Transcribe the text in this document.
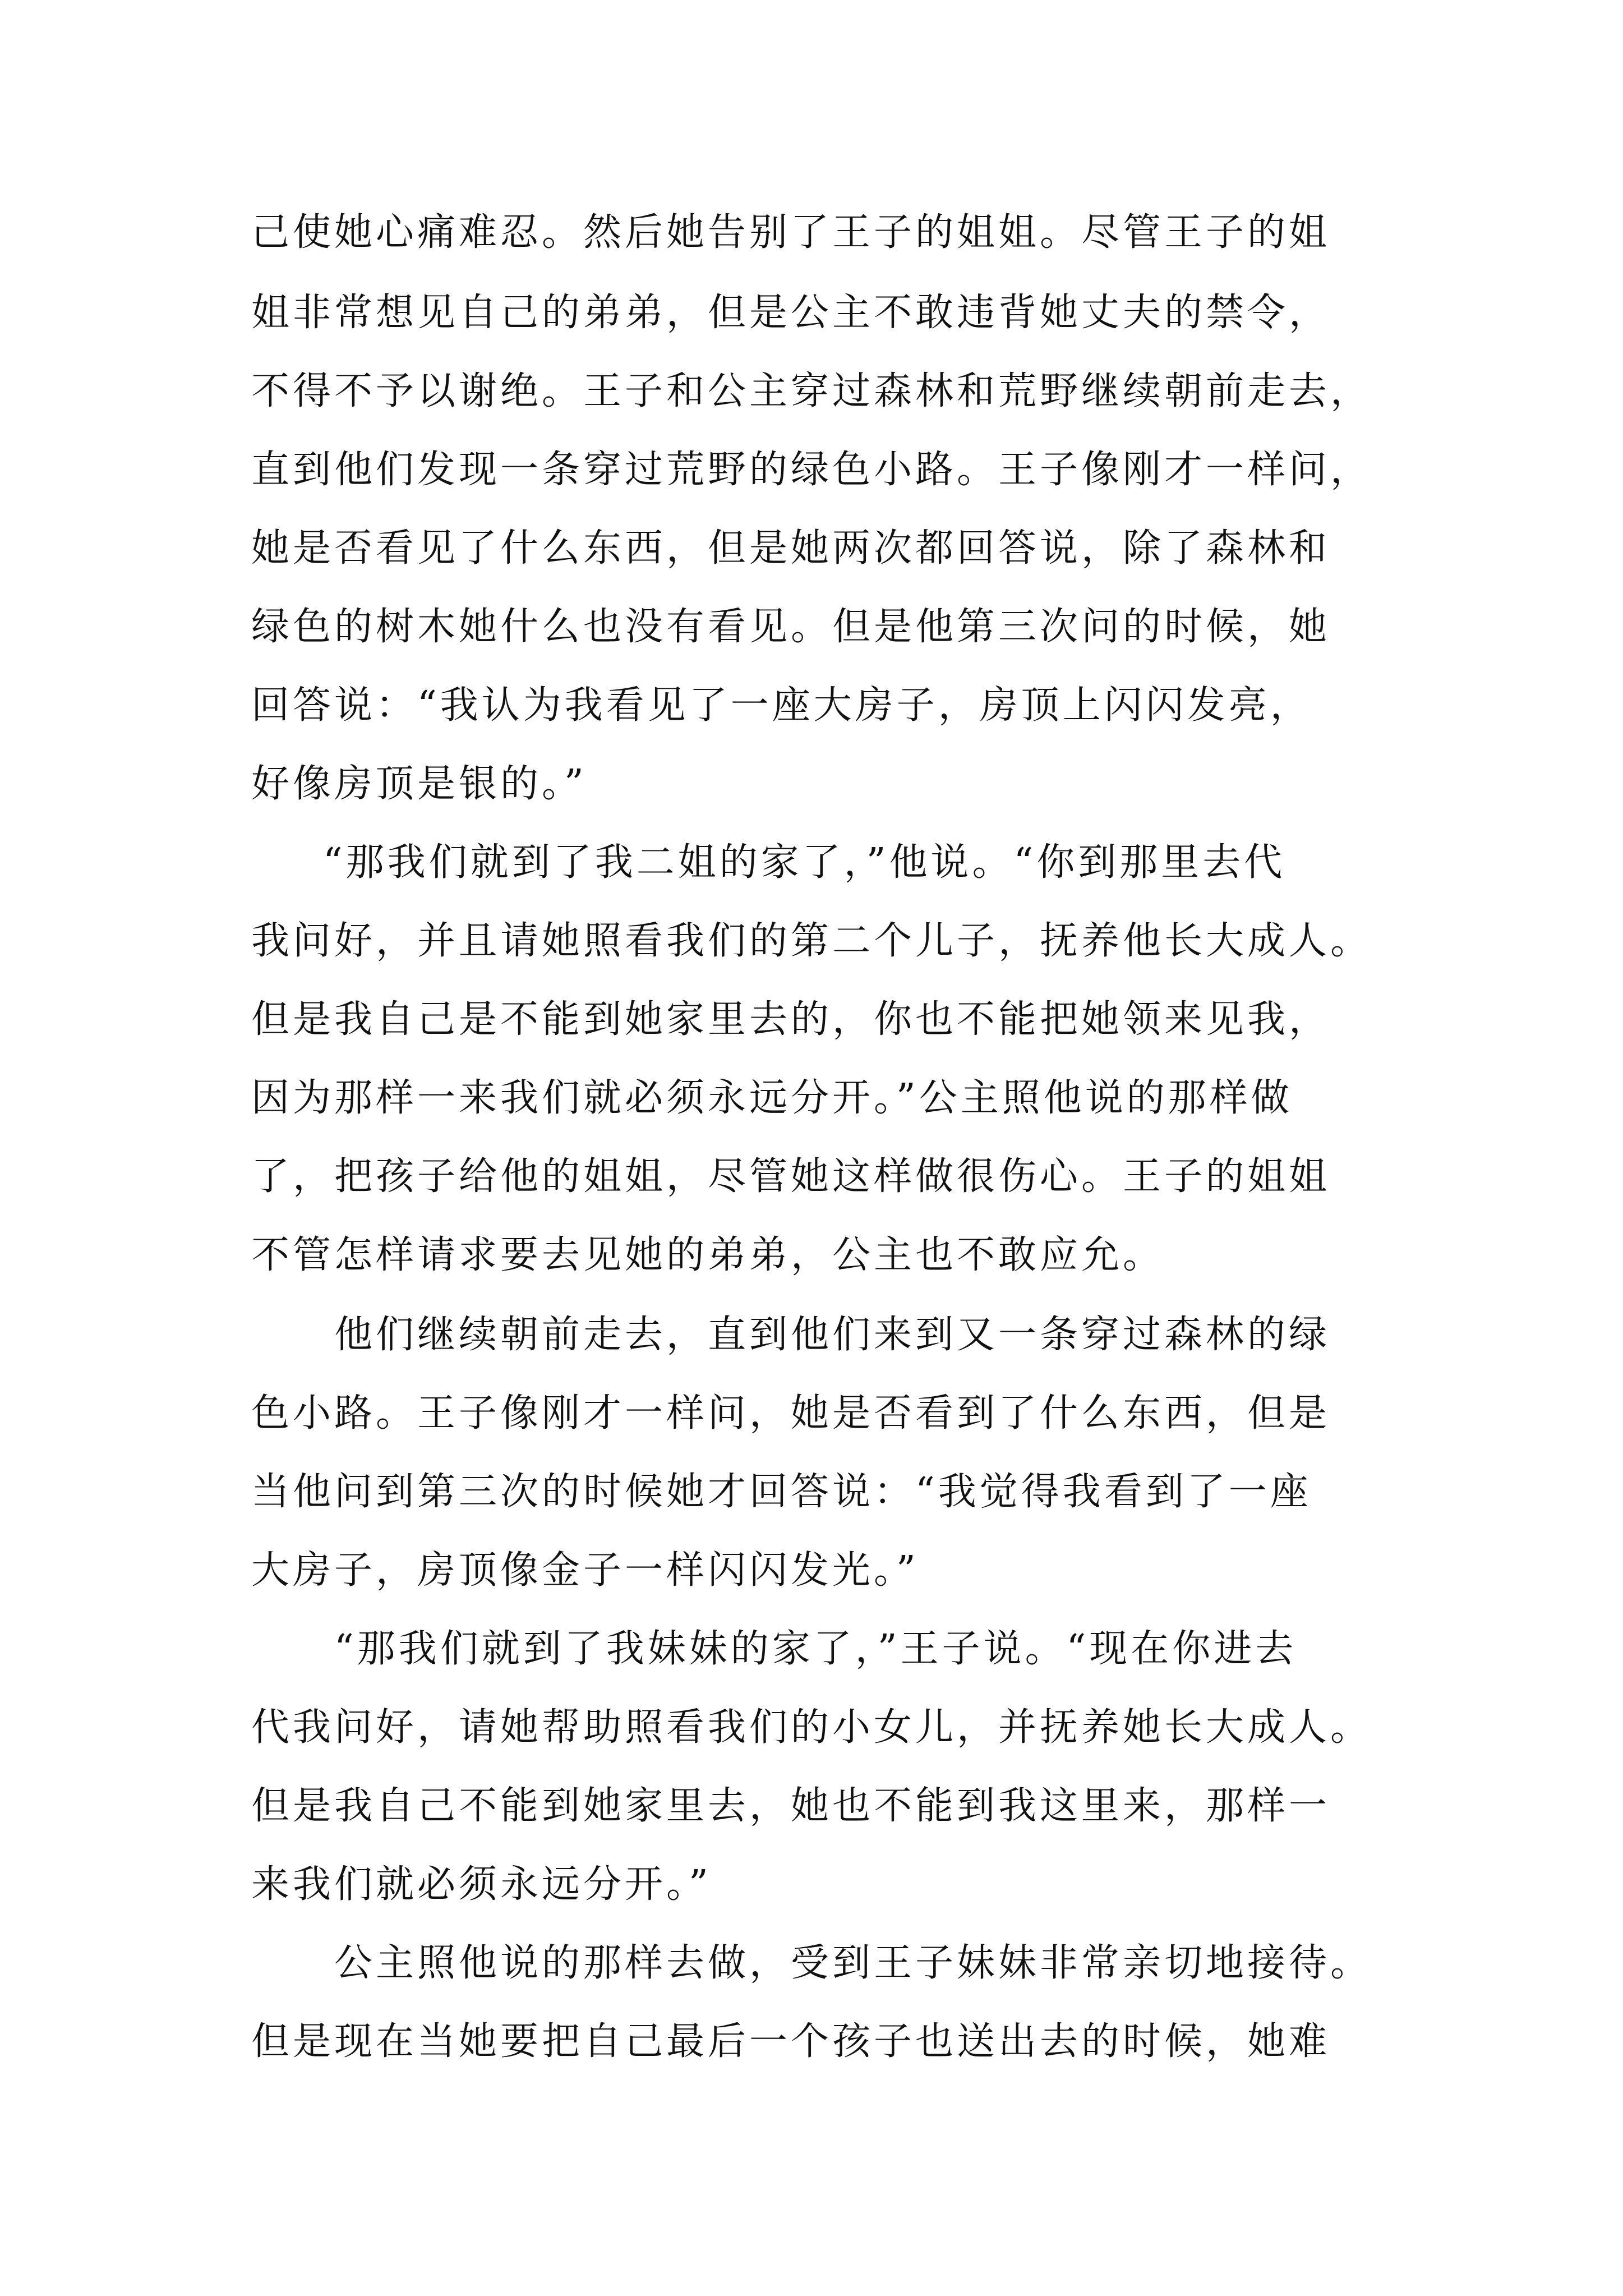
己使她心痛难忍。然后她告别了王子的姐姐。尽管王子的姐
姐非常想见自己的弟弟，但是公主不敢违背她丈夫的禁令，
不得不予以谢绝。王子和公主穿过森林和荒野继续朝前走去，
直到他们发现一条穿过荒野的绿色小路。王子像刚才一样问，
她是否看见了什么东西，但是她两次都回答说，除了森林和
绿色的树木她什么也没有看见。但是他第三次问的时候，她
回答说：“我认为我看见了一座大房子，房顶上闪闪发亮，
好像房顶是银的。”
“那我们就到了我二姐的家了，”他说。“你到那里去代
我问好，并且请她照看我们的第二个儿子，抚养他长大成人。
但是我自己是不能到她家里去的，你也不能把她领来见我，
因为那样一来我们就必须永远分开。”公主照他说的那样做
了，把孩子给他的姐姐，尽管她这样做很伤心。王子的姐姐
不管怎样请求要去见她的弟弟，公主也不敢应允。
他们继续朝前走去，直到他们来到又一条穿过森林的绿
色小路。王子像刚才一样问，她是否看到了什么东西，但是
当他问到第三次的时候她才回答说：“我觉得我看到了一座
大房子，房顶像金子一样闪闪发光。”
“那我们就到了我妹妹的家了，”王子说。“现在你进去
代我问好，请她帮助照看我们的小女儿，并抚养她长大成人。
但是我自己不能到她家里去，她也不能到我这里来，那样一
来我们就必须永远分开。”
公主照他说的那样去做，受到王子妹妹非常亲切地接待。
但是现在当她要把自己最后一个孩子也送出去的时候，她难
